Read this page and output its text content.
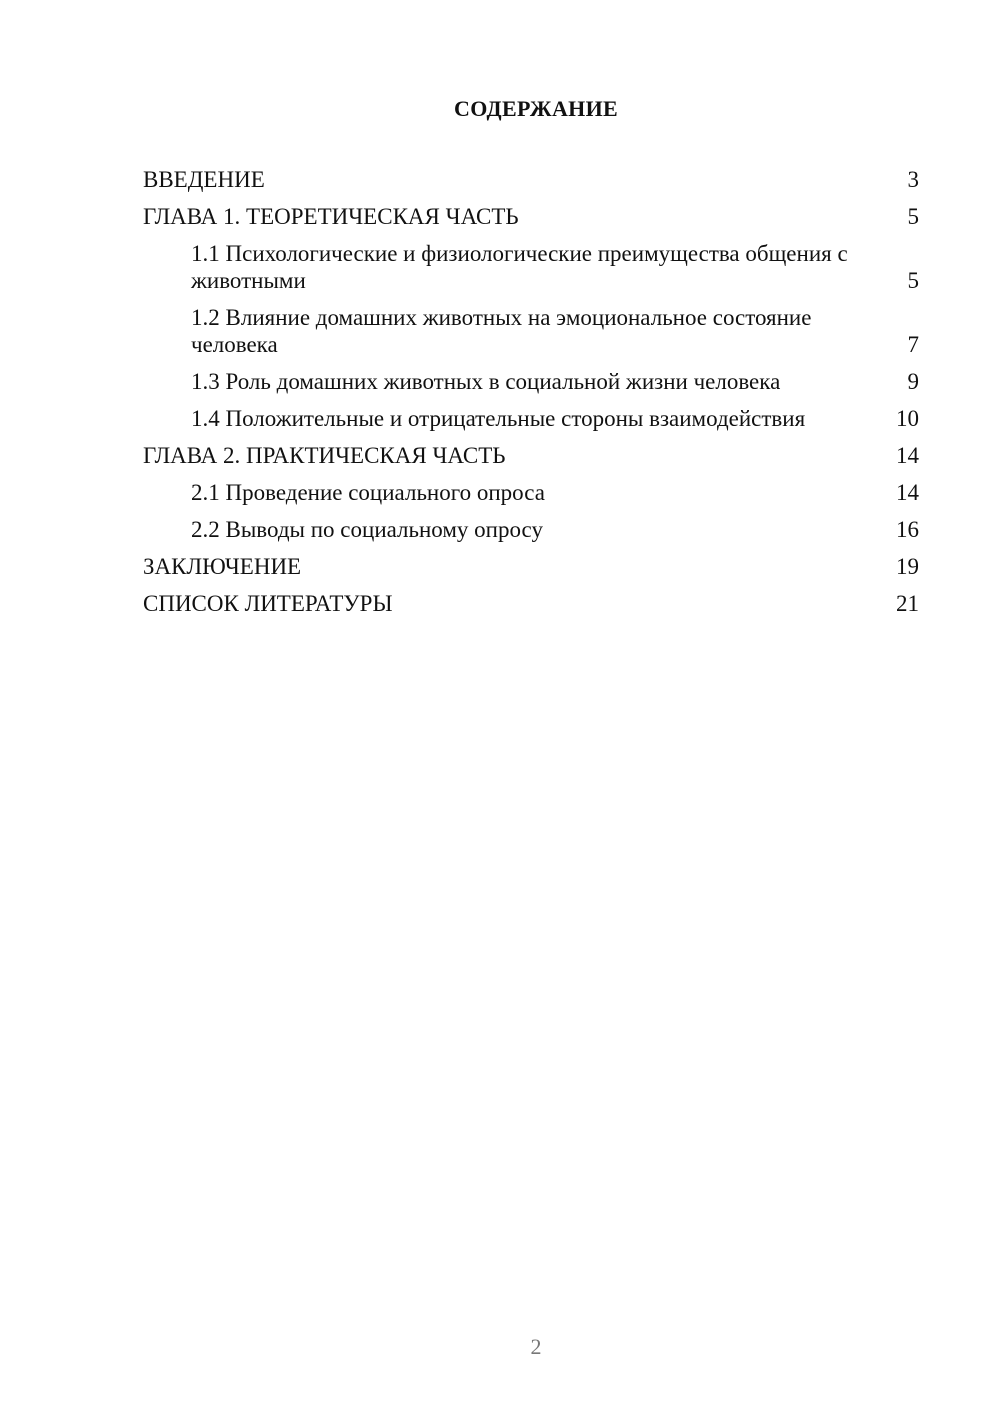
СОДЕРЖАНИЕ
ВВЕДЕНИЕ	3
ГЛАВА 1. ТЕОРЕТИЧЕСКАЯ ЧАСТЬ	5
1.1 Психологические и физиологические преимущества общения с животными	5
1.2 Влияние домашних животных на эмоциональное состояние человека	7
1.3 Роль домашних животных в социальной жизни человека	9
1.4 Положительные и отрицательные стороны взаимодействия	10
ГЛАВА 2. ПРАКТИЧЕСКАЯ ЧАСТЬ	14
2.1 Проведение социального опроса	14
2.2 Выводы по социальному опросу	16
ЗАКЛЮЧЕНИЕ	19
СПИСОК ЛИТЕРАТУРЫ	21
2
